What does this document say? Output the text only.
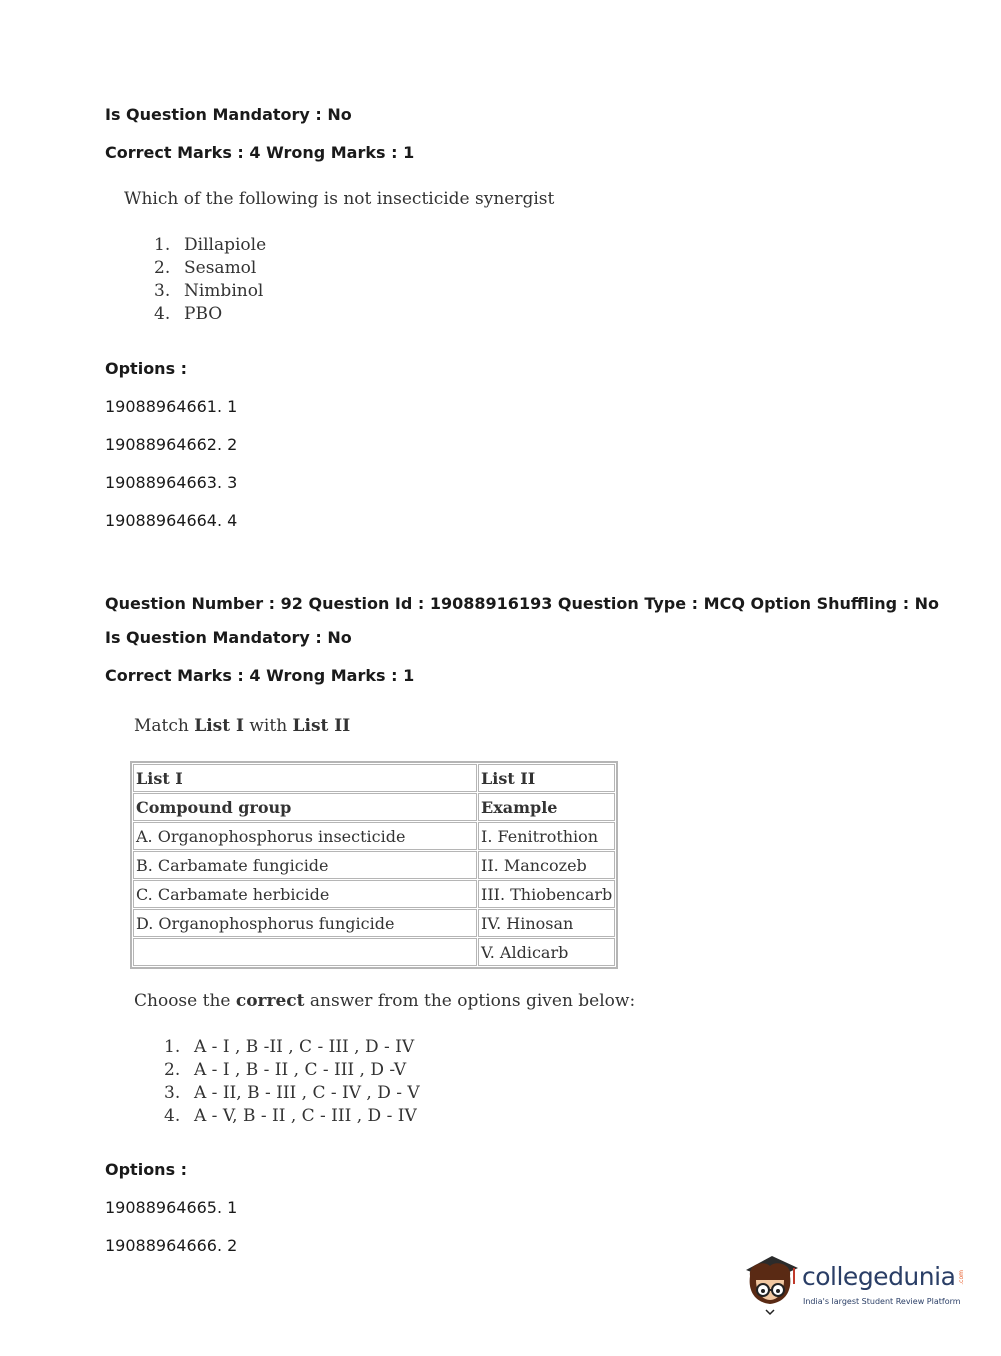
Is Question Mandatory : No
Correct Marks : 4 Wrong Marks : 1
Which of the following is not insecticide synergist
1. Dillapiole
2. Sesamol
3. Nimbinol
4. PBO
Options :
19088964661. 1
19088964662. 2
19088964663. 3
19088964664. 4
Question Number : 92 Question Id : 19088916193 Question Type : MCQ Option Shuffling : No
Is Question Mandatory : No
Correct Marks : 4 Wrong Marks : 1
Match List I with List II
List I	List II
Compound group	Example
A. Organophosphorus insecticide	I. Fenitrothion
B. Carbamate fungicide	II. Mancozeb
C. Carbamate herbicide	III. Thiobencarb
D. Organophosphorus fungicide	IV. Hinosan
	V. Aldicarb
Choose the correct answer from the options given below:
1. A - I , B -II , C - III , D - IV
2. A - I , B - II , C - III , D -V
3. A - II, B - III , C - IV , D - V
4. A - V, B - II , C - III , D - IV
Options :
19088964665. 1
19088964666. 2
collegedunia .com
India's largest Student Review Platform
